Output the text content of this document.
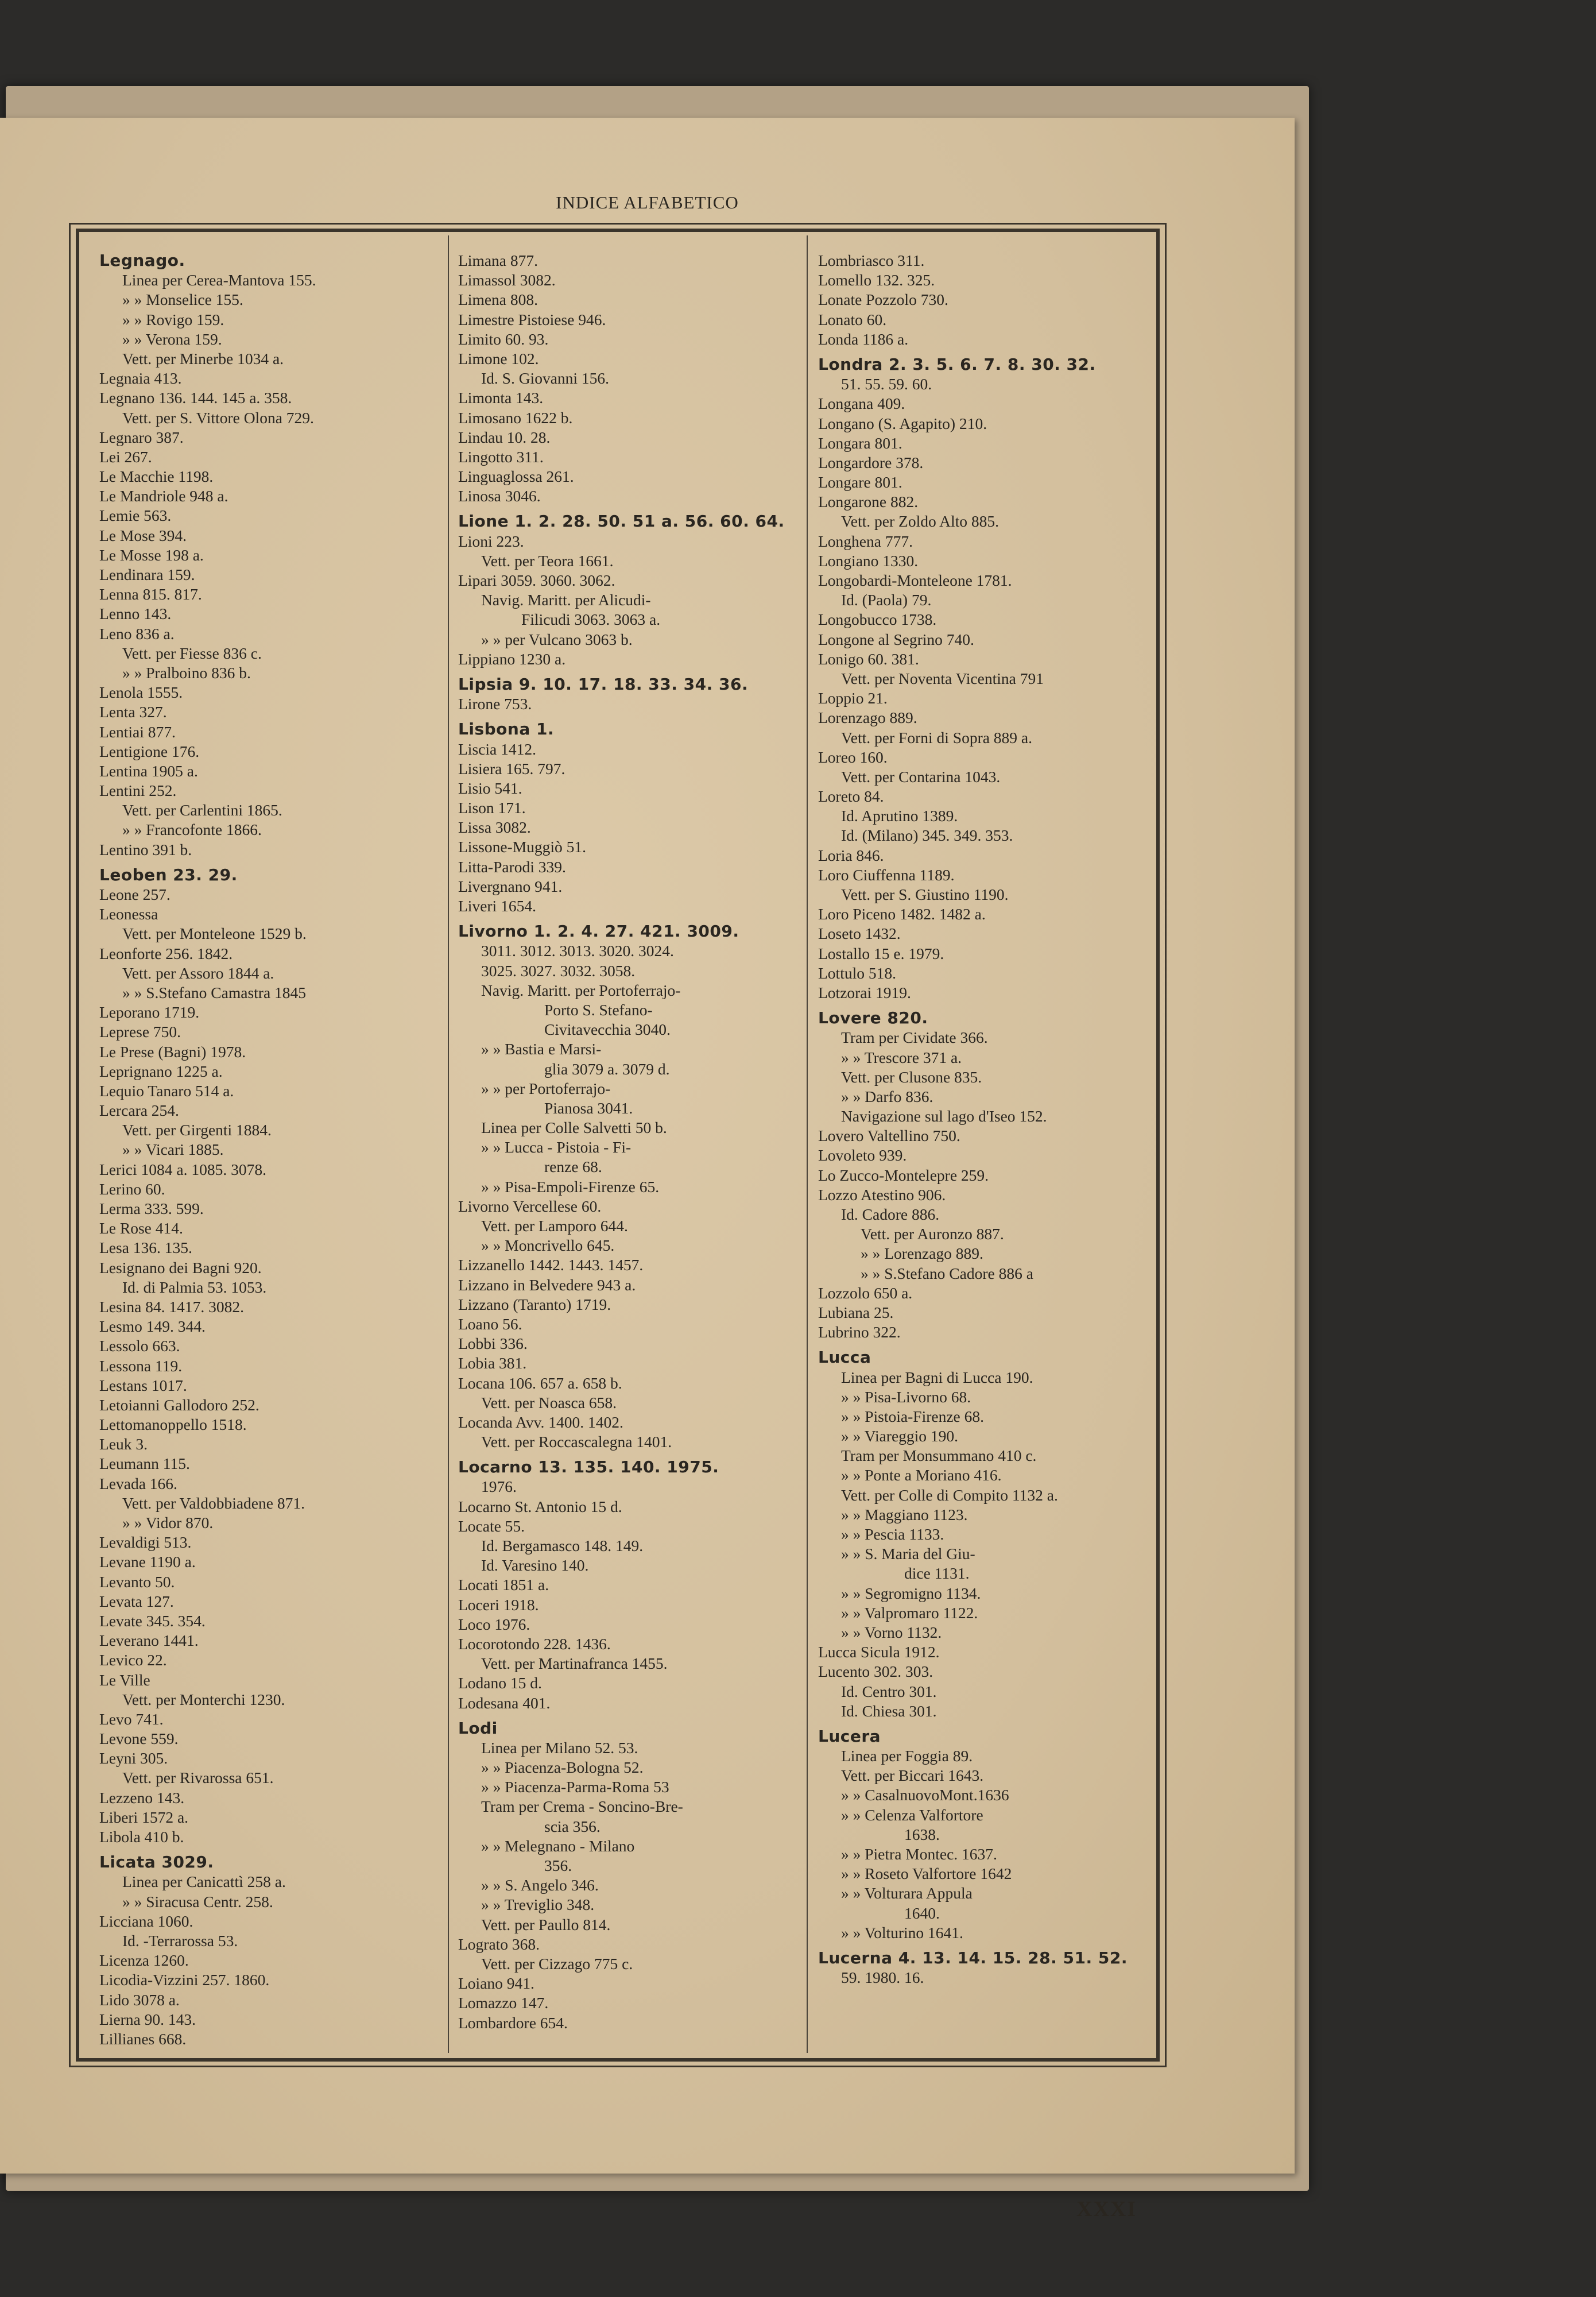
INDICE ALFABETICO
Legnago.
Linea per Cerea-Mantova 155.
» » Monselice 155.
» » Rovigo 159.
» » Verona 159.
Vett. per Minerbe 1034 a.
Legnaia 413.
Legnano 136. 144. 145 a. 358.
Vett. per S. Vittore Olona 729.
Legnaro 387.
Lei 267.
Le Macchie 1198.
Le Mandriole 948 a.
Lemie 563.
Le Mose 394.
Le Mosse 198 a.
Lendinara 159.
Lenna 815. 817.
Lenno 143.
Leno 836 a.
Vett. per Fiesse 836 c.
» » Pralboino 836 b.
Lenola 1555.
Lenta 327.
Lentiai 877.
Lentigione 176.
Lentina 1905 a.
Lentini 252.
Vett. per Carlentini 1865.
» » Francofonte 1866.
Lentino 391 b.
Leoben 23. 29.
Leone 257.
Leonessa
Vett. per Monteleone 1529 b.
Leonforte 256. 1842.
Vett. per Assoro 1844 a.
» » S.Stefano Camastra 1845
Leporano 1719.
Leprese 750.
Le Prese (Bagni) 1978.
Leprignano 1225 a.
Lequio Tanaro 514 a.
Lercara 254.
Vett. per Girgenti 1884.
» » Vicari 1885.
Lerici 1084 a. 1085. 3078.
Lerino 60.
Lerma 333. 599.
Le Rose 414.
Lesa 136. 135.
Lesignano dei Bagni 920.
Id. di Palmia 53. 1053.
Lesina 84. 1417. 3082.
Lesmo 149. 344.
Lessolo 663.
Lessona 119.
Lestans 1017.
Letoianni Gallodoro 252.
Lettomanoppello 1518.
Leuk 3.
Leumann 115.
Levada 166.
Vett. per Valdobbiadene 871.
» » Vidor 870.
Levaldigi 513.
Levane 1190 a.
Levanto 50.
Levata 127.
Levate 345. 354.
Leverano 1441.
Levico 22.
Le Ville
Vett. per Monterchi 1230.
Levo 741.
Levone 559.
Leyni 305.
Vett. per Rivarossa 651.
Lezzeno 143.
Liberi 1572 a.
Libola 410 b.
Licata 3029.
Linea per Canicattì 258 a.
» » Siracusa Centr. 258.
Licciana 1060.
Id. -Terrarossa 53.
Licenza 1260.
Licodia-Vizzini 257. 1860.
Lido 3078 a.
Lierna 90. 143.
Lillianes 668.
Limana 877.
Limassol 3082.
Limena 808.
Limestre Pistoiese 946.
Limito 60. 93.
Limone 102.
Id. S. Giovanni 156.
Limonta 143.
Limosano 1622 b.
Lindau 10. 28.
Lingotto 311.
Linguaglossa 261.
Linosa 3046.
Lione 1. 2. 28. 50. 51 a. 56. 60. 64.
Lioni 223.
Vett. per Teora 1661.
Lipari 3059. 3060. 3062.
Navig. Maritt. per Alicudi-
Filicudi 3063. 3063 a.
» » per Vulcano 3063 b.
Lippiano 1230 a.
Lipsia 9. 10. 17. 18. 33. 34. 36.
Lirone 753.
Lisbona 1.
Liscia 1412.
Lisiera 165. 797.
Lisio 541.
Lison 171.
Lissa 3082.
Lissone-Muggiò 51.
Litta-Parodi 339.
Livergnano 941.
Liveri 1654.
Livorno 1. 2. 4. 27. 421. 3009.
3011. 3012. 3013. 3020. 3024.
3025. 3027. 3032. 3058.
Navig. Maritt. per Portoferrajo-
Porto S. Stefano-
Civitavecchia 3040.
» » Bastia e Marsi-
glia 3079 a. 3079 d.
» » per Portoferrajo-
Pianosa 3041.
Linea per Colle Salvetti 50 b.
» » Lucca - Pistoia - Fi-
renze 68.
» » Pisa-Empoli-Firenze 65.
Livorno Vercellese 60.
Vett. per Lamporo 644.
» » Moncrivello 645.
Lizzanello 1442. 1443. 1457.
Lizzano in Belvedere 943 a.
Lizzano (Taranto) 1719.
Loano 56.
Lobbi 336.
Lobia 381.
Locana 106. 657 a. 658 b.
Vett. per Noasca 658.
Locanda Avv. 1400. 1402.
Vett. per Roccascalegna 1401.
Locarno 13. 135. 140. 1975.
1976.
Locarno St. Antonio 15 d.
Locate 55.
Id. Bergamasco 148. 149.
Id. Varesino 140.
Locati 1851 a.
Loceri 1918.
Loco 1976.
Locorotondo 228. 1436.
Vett. per Martinafranca 1455.
Lodano 15 d.
Lodesana 401.
Lodi
Linea per Milano 52. 53.
» » Piacenza-Bologna 52.
» » Piacenza-Parma-Roma 53
Tram per Crema - Soncino-Bre-
scia 356.
» » Melegnano - Milano
356.
» » S. Angelo 346.
» » Treviglio 348.
Vett. per Paullo 814.
Lograto 368.
Vett. per Cizzago 775 c.
Loiano 941.
Lomazzo 147.
Lombardore 654.
Lombriasco 311.
Lomello 132. 325.
Lonate Pozzolo 730.
Lonato 60.
Londa 1186 a.
Londra 2. 3. 5. 6. 7. 8. 30. 32.
51. 55. 59. 60.
Longana 409.
Longano (S. Agapito) 210.
Longara 801.
Longardore 378.
Longare 801.
Longarone 882.
Vett. per Zoldo Alto 885.
Longhena 777.
Longiano 1330.
Longobardi-Monteleone 1781.
Id. (Paola) 79.
Longobucco 1738.
Longone al Segrino 740.
Lonigo 60. 381.
Vett. per Noventa Vicentina 791
Loppio 21.
Lorenzago 889.
Vett. per Forni di Sopra 889 a.
Loreo 160.
Vett. per Contarina 1043.
Loreto 84.
Id. Aprutino 1389.
Id. (Milano) 345. 349. 353.
Loria 846.
Loro Ciuffenna 1189.
Vett. per S. Giustino 1190.
Loro Piceno 1482. 1482 a.
Loseto 1432.
Lostallo 15 e. 1979.
Lottulo 518.
Lotzorai 1919.
Lovere 820.
Tram per Cividate 366.
» » Trescore 371 a.
Vett. per Clusone 835.
» » Darfo 836.
Navigazione sul lago d'Iseo 152.
Lovero Valtellino 750.
Lovoleto 939.
Lo Zucco-Montelepre 259.
Lozzo Atestino 906.
Id. Cadore 886.
Vett. per Auronzo 887.
» » Lorenzago 889.
» » S.Stefano Cadore 886 a
Lozzolo 650 a.
Lubiana 25.
Lubrino 322.
Lucca
Linea per Bagni di Lucca 190.
» » Pisa-Livorno 68.
» » Pistoia-Firenze 68.
» » Viareggio 190.
Tram per Monsummano 410 c.
» » Ponte a Moriano 416.
Vett. per Colle di Compito 1132 a.
» » Maggiano 1123.
» » Pescia 1133.
» » S. Maria del Giu-
dice 1131.
» » Segromigno 1134.
» » Valpromaro 1122.
» » Vorno 1132.
Lucca Sicula 1912.
Lucento 302. 303.
Id. Centro 301.
Id. Chiesa 301.
Lucera
Linea per Foggia 89.
Vett. per Biccari 1643.
» » CasalnuovoMont.1636
» » Celenza Valfortore
1638.
» » Pietra Montec. 1637.
» » Roseto Valfortore 1642
» » Volturara Appula
1640.
» » Volturino 1641.
Lucerna 4. 13. 14. 15. 28. 51. 52.
59. 1980. 16.
XXXI
